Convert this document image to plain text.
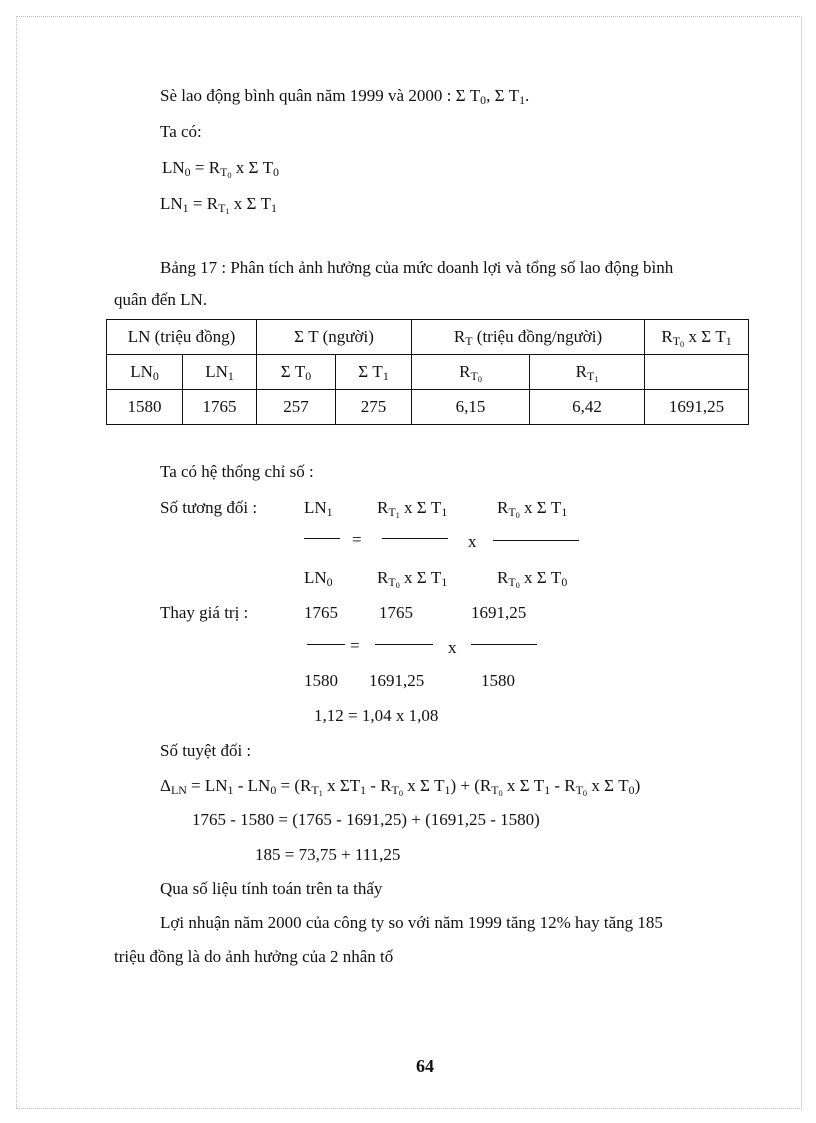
Sè lao động bình quân năm 1999 và 2000 : Σ $T_0$, Σ $T_1$.
Ta có:
$LN_0 = R_{T_0}$ x Σ $T_0$
$LN_1 = R_{T_1}$ x Σ $T_1$
Bảng 17 : Phân tích ảnh hưởng của mức doanh lợi và tổng số lao động bình
quân đến LN.
LN (triệu đồng)		Σ T (người)		$R_T$ (triệu đồng/người)		$R_{T_0}$ x Σ $T_1$
$LN_0$	$LN_1$	Σ $T_0$	Σ $T_1$	$R_{T_0}$	$R_{T_1}$	
1580	1765	257	275	6,15	6,42	1691,25
Ta có hệ thống chỉ số :
Số tương đối :	$LN_1$
$LN_0$
=
$R_{T_1}$ x Σ $T_1$
$R_{T_0}$ x Σ $T_1$
x
$R_{T_0}$ x Σ $T_1$
$R_{T_0}$ x Σ $T_0$
Thay giá trị :	1765
1580
=
1765
1691,25
x
1691,25
1580
1,12 = 1,04 x 1,08
Số tuyệt đối :
$\Delta_{LN} = LN_1 - LN_0 = (R_{T_1}$ x $\Sigma T_1 - R_{T_0}$ x Σ $T_1) + (R_{T_0}$ x Σ $T_1 - R_{T_0}$ x Σ $T_0$)
1765 - 1580 = (1765 - 1691,25) + (1691,25 - 1580)
185 = 73,75 + 111,25
Qua số liệu tính toán trên ta thấy
Lợi nhuận năm 2000 của công ty so với năm 1999 tăng 12% hay tăng 185
triệu đồng là do ảnh hưởng của 2 nhân tố
64
